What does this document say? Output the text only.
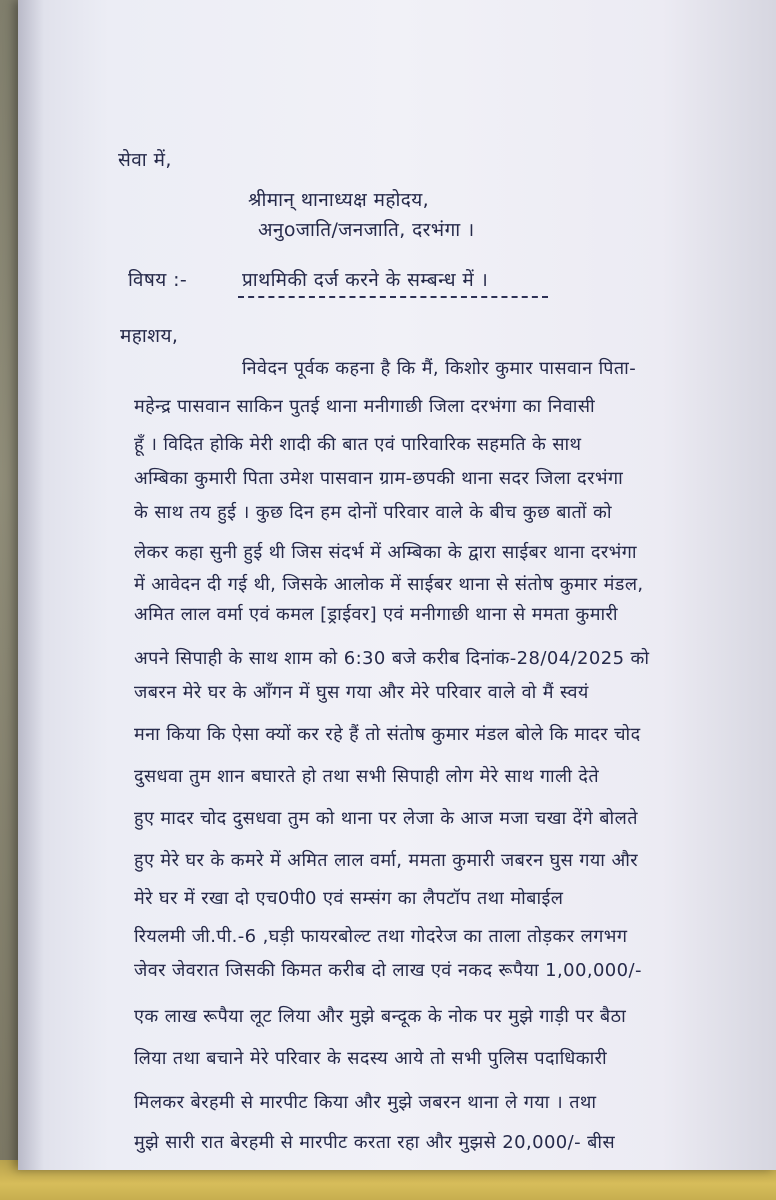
सेवा में,
श्रीमान् थानाध्यक्ष महोदय,
अनुoजाति/जनजाति, दरभंगा ।
विषय :-	प्राथमिकी दर्ज करने के सम्बन्ध में ।
महाशय,
निवेदन पूर्वक कहना है कि मैं, किशोर कुमार पासवान पिता-
महेन्द्र पासवान साकिन पुतई थाना मनीगाछी जिला दरभंगा का निवासी
हूँ । विदित होकि मेरी शादी की बात एवं पारिवारिक सहमति के साथ
अम्बिका कुमारी पिता उमेश पासवान ग्राम-छपकी थाना सदर जिला दरभंगा
के साथ तय हुई । कुछ दिन हम दोनों परिवार वाले के बीच कुछ बातों को
लेकर कहा सुनी हुई थी जिस संदर्भ में अम्बिका के द्वारा साईबर थाना दरभंगा
में आवेदन दी गई थी, जिसके आलोक में साईबर थाना से संतोष कुमार मंडल,
अमित लाल वर्मा एवं कमल [ड्राईवर] एवं मनीगाछी थाना से ममता कुमारी
अपने सिपाही के साथ शाम को 6:30 बजे करीब दिनांक-28/04/2025 को
जबरन मेरे घर के आँगन में घुस गया और मेरे परिवार वाले वो मैं स्वयं
मना किया कि ऐसा क्यों कर रहे हैं तो संतोष कुमार मंडल बोले कि मादर चोद
दुसधवा तुम शान बघारते हो तथा सभी सिपाही लोग मेरे साथ गाली देते
हुए मादर चोद दुसधवा तुम को थाना पर लेजा के आज मजा चखा देंगे बोलते
हुए मेरे घर के कमरे में अमित लाल वर्मा, ममता कुमारी जबरन घुस गया और
मेरे घर में रखा दो एच0पी0 एवं सम्संग का लैपटॉप तथा मोबाईल
रियलमी जी.पी.-6 ,घड़ी फायरबोल्ट तथा गोदरेज का ताला तोड़कर लगभग
जेवर जेवरात जिसकी किमत करीब दो लाख एवं नकद रूपैया 1,00,000/-
एक लाख रूपैया लूट लिया और मुझे बन्दूक के नोक पर मुझे गाड़ी पर बैठा
लिया तथा बचाने मेरे परिवार के सदस्य आये तो सभी पुलिस पदाधिकारी
मिलकर बेरहमी से मारपीट किया और मुझे जबरन थाना ले गया । तथा
मुझे सारी रात बेरहमी से मारपीट करता रहा और मुझसे 20,000/- बीस
